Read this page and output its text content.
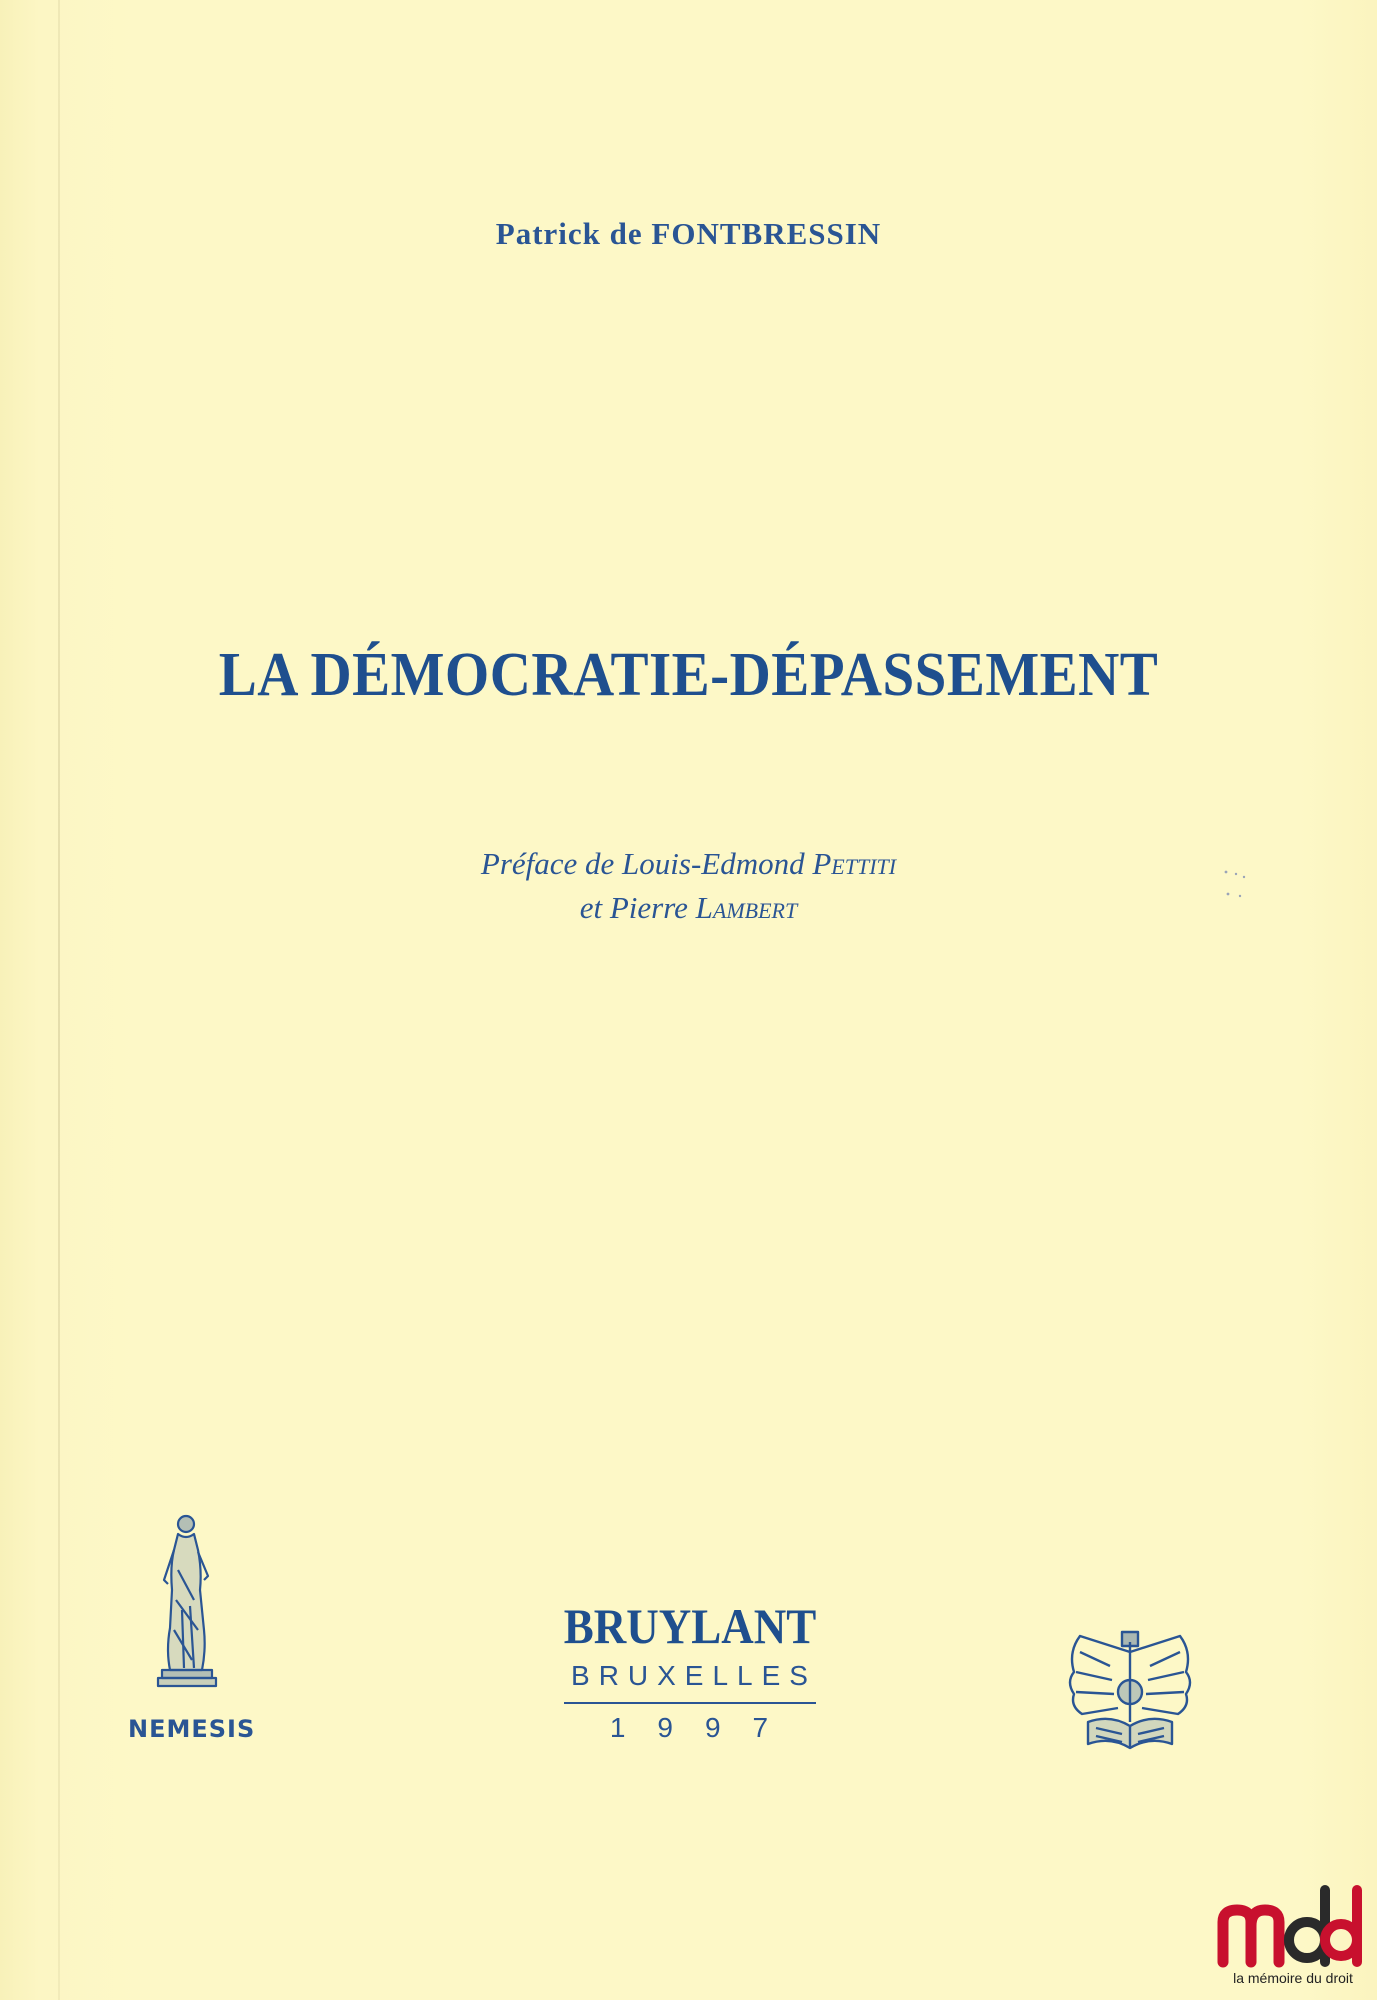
Patrick de FONTBRESSIN
LA DÉMOCRATIE-DÉPASSEMENT
Préface de Louis-Edmond Pettiti
et Pierre Lambert
NEMESIS
BRUYLANT
BRUXELLES
1997
la mémoire du droit
